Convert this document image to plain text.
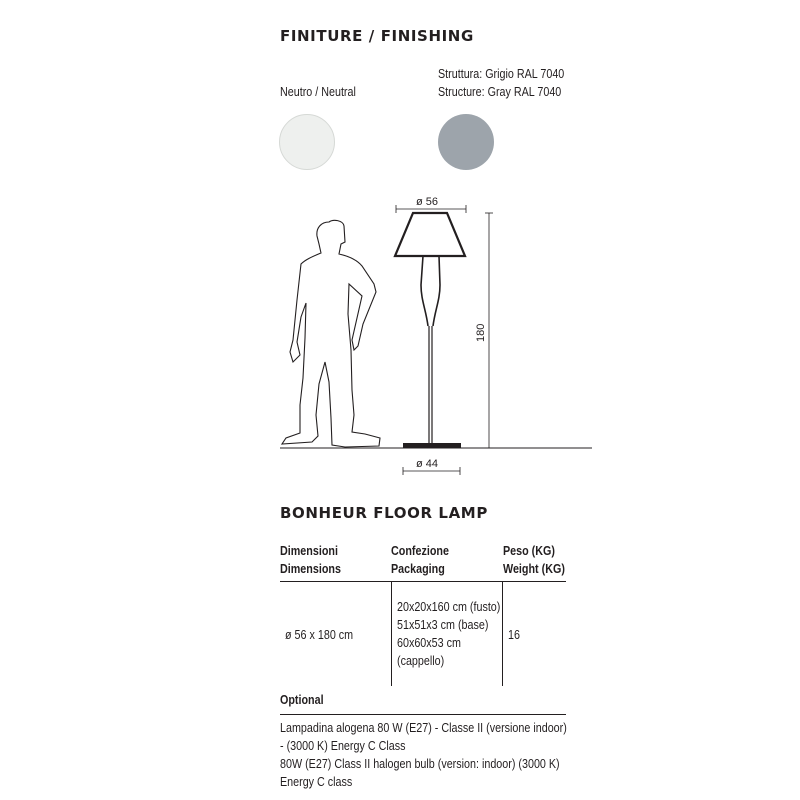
FINITURE / FINISHING
Neutro / Neutral
Struttura: Grigio RAL 7040
Structure: Gray RAL 7040
ø 56
ø 44
180
BONHEUR FLOOR LAMP
Dimensioni
Dimensions
Confezione
Packaging
Peso (KG)
Weight (KG)
ø 56 x 180 cm
20x20x160 cm (fusto)
51x51x3 cm (base)
60x60x53 cm
(cappello)
16
Optional
Lampadina alogena 80 W (E27) - Classe II (versione indoor)
- (3000 K) Energy C Class
80W (E27) Class II halogen bulb (version: indoor) (3000 K)
Energy C class
